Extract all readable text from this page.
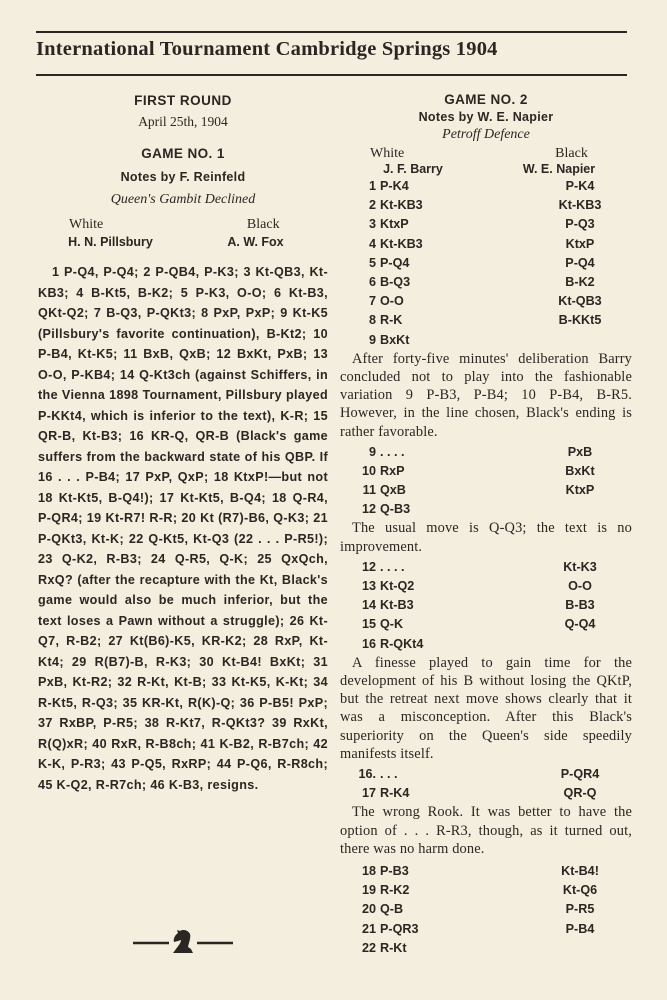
International Tournament Cambridge Springs 1904
FIRST ROUND
April 25th, 1904
GAME NO. 1
Notes by F. Reinfeld
Queen's Gambit Declined
White	Black
H. N. Pillsbury	A. W. Fox

1 P-Q4, P-Q4; 2 P-QB4, P-K3; 3 Kt-QB3, Kt-KB3; 4 B-Kt5, B-K2; 5 P-K3, O-O; 6 Kt-B3, QKt-Q2; 7 B-Q3, P-QKt3; 8 PxP, PxP; 9 Kt-K5 (Pillsbury's favorite continuation), B-Kt2; 10 P-B4, Kt-K5; 11 BxB, QxB; 12 BxKt, PxB; 13 O-O, P-KB4; 14 Q-Kt3ch (against Schiffers, in the Vienna 1898 Tournament, Pillsbury played P-KKt4, which is inferior to the text), K-R; 15 QR-B, Kt-B3; 16 KR-Q, QR-B (Black's game suffers from the backward state of his QBP. If 16 . . . P-B4; 17 PxP, QxP; 18 KtxP!—but not 18 Kt-Kt5, B-Q4!); 17 Kt-Kt5, B-Q4; 18 Q-R4, P-QR4; 19 Kt-R7! R-R; 20 Kt (R7)-B6, Q-K3; 21 P-QKt3, Kt-K; 22 Q-Kt5, Kt-Q3 (22 . . . P-R5!); 23 Q-K2, R-B3; 24 Q-R5, Q-K; 25 QxQch, RxQ? (after the recapture with the Kt, Black's game would also be much inferior, but the text loses a Pawn without a struggle); 26 Kt-Q7, R-B2; 27 Kt(B6)-K5, KR-K2; 28 RxP, Kt-Kt4; 29 R(B7)-B, R-K3; 30 Kt-B4! BxKt; 31 PxB, Kt-R2; 32 R-Kt, Kt-B; 33 Kt-K5, K-Kt; 34 R-Kt5, R-Q3; 35 KR-Kt, R(K)-Q; 36 P-B5! PxP; 37 RxBP, P-R5; 38 R-Kt7, R-QKt3? 39 RxKt, R(Q)xR; 40 RxR, R-B8ch; 41 K-B2, R-B7ch; 42 K-K, P-R3; 43 P-Q5, RxRP; 44 P-Q6, R-R8ch; 45 K-Q2, R-R7ch; 46 K-B3, resigns.

GAME NO. 2
Notes by W. E. Napier
Petroff Defence
White	Black
J. F. Barry	W. E. Napier
1 P-K4	P-K4
2 Kt-KB3	Kt-KB3
3 KtxP	P-Q3
4 Kt-KB3	KtxP
5 P-Q4	P-Q4
6 B-Q3	B-K2
7 O-O	Kt-QB3
8 R-K	B-KKt5
9 BxKt

After forty-five minutes' deliberation Barry concluded not to play into the fashionable variation 9 P-B3, P-B4; 10 P-B4, B-R5. However, in the line chosen, Black's ending is rather favorable.

9 . . . .	PxB
10 RxP	BxKt
11 QxB	KtxP
12 Q-B3

The usual move is Q-Q3; the text is no improvement.

12 . . . .	Kt-K3
13 Kt-Q2	O-O
14 Kt-B3	B-B3
15 Q-K	Q-Q4
16 R-QKt4

A finesse played to gain time for the development of his B without losing the QKtP, but the retreat next move shows clearly that it was a misconception. After this Black's superiority on the Queen's side speedily manifests itself.

16. . . .	P-QR4
17 R-K4	QR-Q

The wrong Rook. It was better to have the option of . . . R-R3, though, as it turned out, there was no harm done.

18 P-B3	Kt-B4!
19 R-K2	Kt-Q6
20 Q-B	P-R5
21 P-QR3	P-B4
22 R-Kt
